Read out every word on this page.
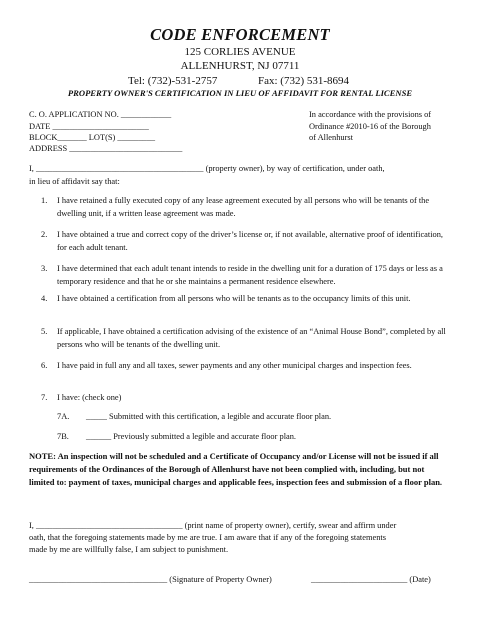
CODE ENFORCEMENT
125 CORLIES AVENUE
ALLENHURST, NJ 07711
Tel: (732)-531-2757	Fax: (732) 531-8694
PROPERTY OWNER'S CERTIFICATION IN LIEU OF AFFIDAVIT FOR RENTAL LICENSE
C. O. APPLICATION NO. ____________
DATE _______________________
BLOCK_______ LOT(S) _________
ADDRESS ___________________________
In accordance with the provisions of
Ordinance #2010-16 of the Borough
of Allenhurst
I, ________________________________________ (property owner), by way of certification, under oath,
in lieu of affidavit say that:
1. I have retained a fully executed copy of any lease agreement executed by all persons who will be tenants of the dwelling unit, if a written lease agreement was made.
2. I have obtained a true and correct copy of the driver’s license or, if not available, alternative proof of identification, for each adult tenant.
3. I have determined that each adult tenant intends to reside in the dwelling unit for a duration of 175 days or less as a temporary residence and that he or she maintains a permanent residence elsewhere.
4. I have obtained a certification from all persons who will be tenants as to the occupancy limits of this unit.
5. If applicable, I have obtained a certification advising of the existence of an “Animal House Bond”, completed by all persons who will be tenants of the dwelling unit.
6. I have paid in full any and all taxes, sewer payments and any other municipal charges and inspection fees.
7. I have: (check one)
7A. _____ Submitted with this certification, a legible and accurate floor plan.
7B. ______ Previously submitted a legible and accurate floor plan.
NOTE: An inspection will not be scheduled and a Certificate of Occupancy and/or License will not be issued if all requirements of the Ordinances of the Borough of Allenhurst have not been complied with, including, but not limited to: payment of taxes, municipal charges and applicable fees, inspection fees and submission of a floor plan.
I, ___________________________________ (print name of property owner), certify, swear and affirm under
oath, that the foregoing statements made by me are true. I am aware that if any of the foregoing statements
made by me are willfully false, I am subject to punishment.
_________________________________ (Signature of Property Owner)	_______________________ (Date)
